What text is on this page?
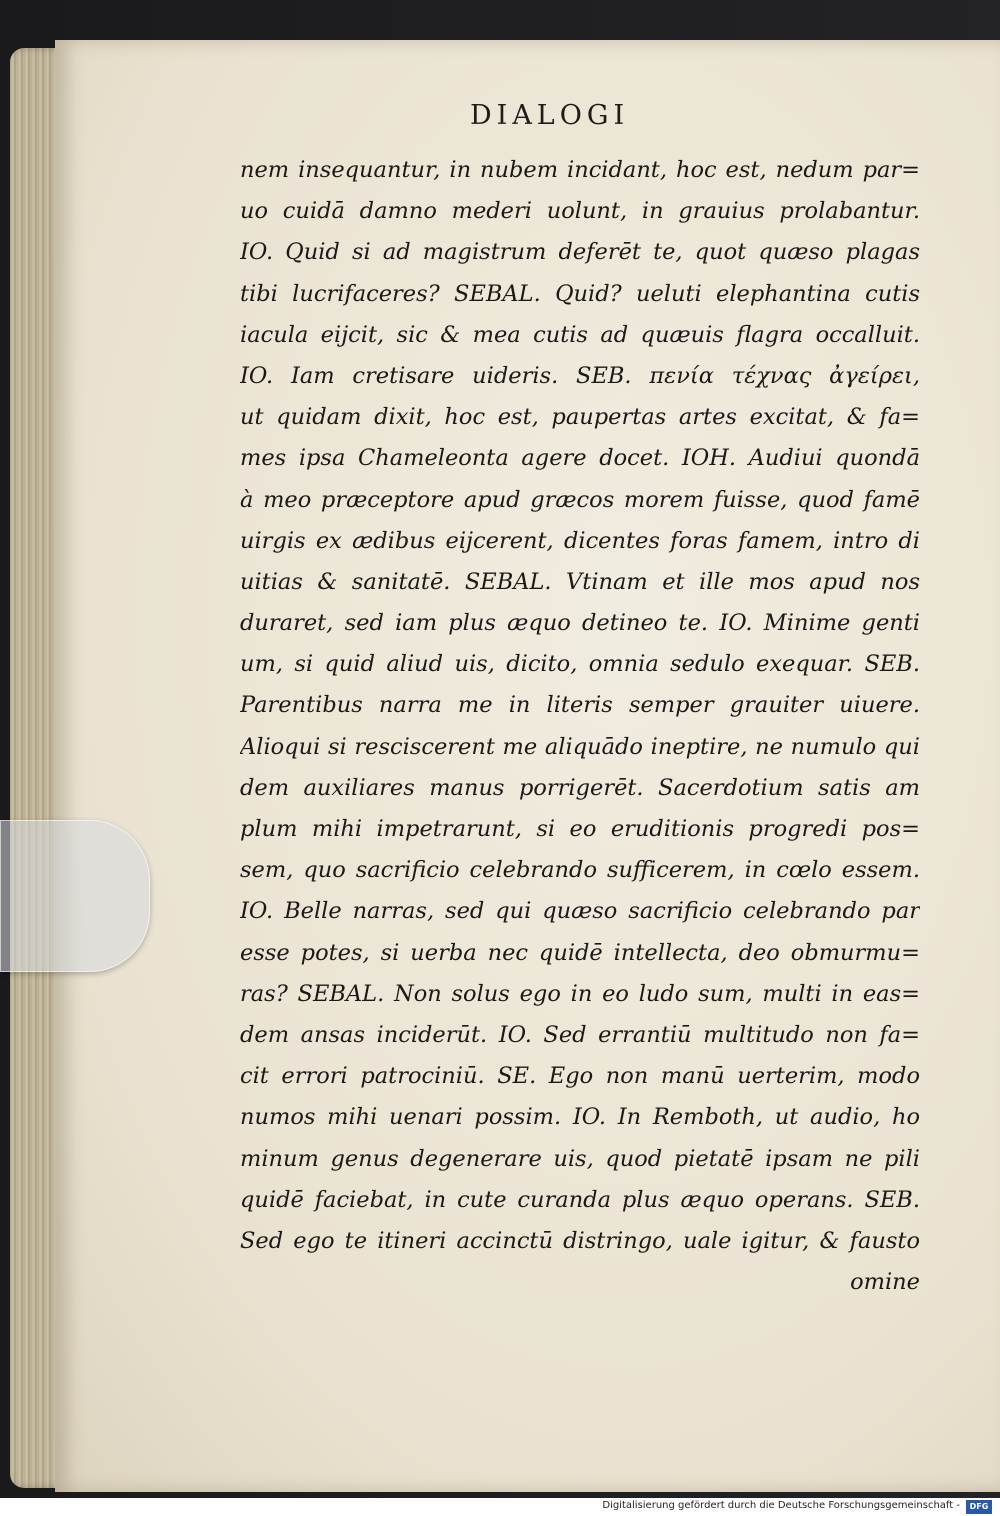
DIALOGI
nem insequantur, in nubem incidant, hoc est, nedum par=
uo cuidā damno mederi uolunt, in grauius prolabantur.
IO. Quid si ad magistrum deferēt te, quot quæso plagas
tibi lucrifaceres? SEBAL. Quid? ueluti elephantina cutis
iacula eijcit, sic & mea cutis ad quæuis flagra occalluit.
IO. Iam cretisare uideris. SEB. πενία τέχνας ἀγείρει,
ut quidam dixit, hoc est, paupertas artes excitat, & fa=
mes ipsa Chameleonta agere docet. IOH. Audiui quondā
à meo præceptore apud græcos morem fuisse, quod famē
uirgis ex ædibus eijcerent, dicentes foras famem, intro di
uitias & sanitatē. SEBAL. Vtinam et ille mos apud nos
duraret, sed iam plus æquo detineo te. IO. Minime genti
um, si quid aliud uis, dicito, omnia sedulo exequar. SEB.
Parentibus narra me in literis semper grauiter uiuere.
Alioqui si resciscerent me aliquādo ineptire, ne numulo qui
dem auxiliares manus porrigerēt. Sacerdotium satis am
plum mihi impetrarunt, si eo eruditionis progredi pos=
sem, quo sacrificio celebrando sufficerem, in cœlo essem.
IO. Belle narras, sed qui quæso sacrificio celebrando par
esse potes, si uerba nec quidē intellecta, deo obmurmu=
ras? SEBAL. Non solus ego in eo ludo sum, multi in eas=
dem ansas inciderūt. IO. Sed errantiū multitudo non fa=
cit errori patrociniū. SE. Ego non manū uerterim, modo
numos mihi uenari possim. IO. In Remboth, ut audio, ho
minum genus degenerare uis, quod pietatē ipsam ne pili
quidē faciebat, in cute curanda plus æquo operans. SEB.
Sed ego te itineri accinctū distringo, uale igitur, & fausto
omine
Digitalisierung gefördert durch die Deutsche Forschungsgemeinschaft -	DFG
